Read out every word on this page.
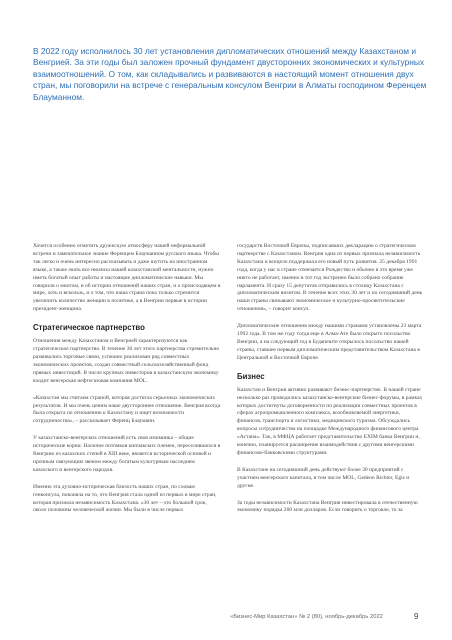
В 2022 году исполнилось 30 лет установления дипломатических отношений между Казахстаном и Венгрией. За эти годы был заложен прочный фундамент двусторонних экономических и культурных взаимоотношений. О том, как складывались и развиваются в настоящий момент отношения двух стран, мы поговорили на встрече с генеральным консулом Венгрии в Алматы господином Ференцем Блауманном.

Хочется особенно отметить дружескую атмосферу нашей неформальной встречи и замечательное знание Ференцем Блауманном русского языка. Чтобы так легко и очень интересно рассказывать и даже шутить на иностранном языке, а также знать все нюансы нашей казахстанской ментальности, нужно иметь богатый опыт работы и настоящие дипломатические навыки. Мы говорили о многом, и об истории отношений наших стран, и о происходящем в мире, хоть и вскользь, и о том, что наша страна пока только стремится увеличить количество женщин в политике, а в Венгрии первые в истории президент-женщина.

Стратегическое партнерство

Отношения между Казахстаном и Венгрией характеризуются как стратегическое партнерство. В течение 30 лет этого партнерства стремительно развивались торговые связи, успешно реализован ряд совместных экономических проектов, создан совместный сельскохозяйственный фонд прямых инвестиций. В числе крупных инвесторов в казахстанскую экономику входит венгерская нефтегазовая компания MOL.

«Казахстан мы считаем страной, которая достигла серьезных экономических результатов. И мы очень ценим наше двустороннее отношение. Венгрия всегда была открыта по отношению к Казахстану и ищет возможности сотрудничества», – рассказывает Ференц Блауманн.

У казахстанско-венгерских отношений есть своя изюминка – общие исторические корни. Наличие потомков кипчакских племен, переселившихся в Венгрию из казахских степей в XIII веке, является исторической основой и прочным связующим звеном между богатым культурным наследием казахского и венгерского народов.

Именно эта духовно-историческая близость наших стран, по словам генконсула, повлияла на то, что Венгрия стала одной из первых в мире стран, которая признала независимость Казахстана. «30 лет – это большой срок, около половины человеческой жизни. Мы были в числе первых

государств Восточной Европы, подписавших декларацию о стратегическом партнерстве с Казахстаном. Венгрия одна из первых признала независимость Казахстана и всецело поддержала его новый путь развития. 25 декабря 1991 года, когда у нас в стране отмечается Рождество и обычно в это время уже никто не работает, именно в тот год экстренно было собрано собрание парламента. И сразу 15 депутатов отправились в столицу Казахстана с дипломатическим визитом. В течение всех этих 30 лет и по сегодняшний день наши страны связывают экономическое и культурно-просветительские отношения», – говорит консул.

Дипломатические отношения между нашими странами установлены 23 марта 1992 года. В том же году тогда еще в Алма-Ате было открыто посольство Венгрии, а на следующий год в Будапеште открылось посольство нашей страны, ставшее первым дипломатическим представительством Казахстана в Центральной и Восточной Европе.

Бизнес

Казахстан и Венгрия активно развивают бизнес-партнерство. В нашей стране несколько раз проводились казахстанско-венгерские бизнес-форумы, в рамках которых достигнуты договоренности по реализации совместных проектов в сферах агропромышленного комплекса, возобновляемой энергетики, финансов, транспорта и логистики, медицинского туризма. Обсуждались вопросы сотрудничества на площадке Международного финансового центра «Астана». Так, в МФЦА работает представительство EXIM банка Венгрии и, конечно, планируется расширение взаимодействия с другими венгерскими финансово-банковскими структурами.

В Казахстане на сегодняшний день действуют более 30 предприятий с участием венгерского капитала, в том числе MOL, Gedeon Richter, Egis и другие.

За годы независимости Казахстана Венгрия инвестировала в отечественную экономику порядка 200 млн долларов. Если говорить о торговле, то за

«Бизнес-Мир Казахстан» № 2 (80), ноябрь-декабрь 2022	9
